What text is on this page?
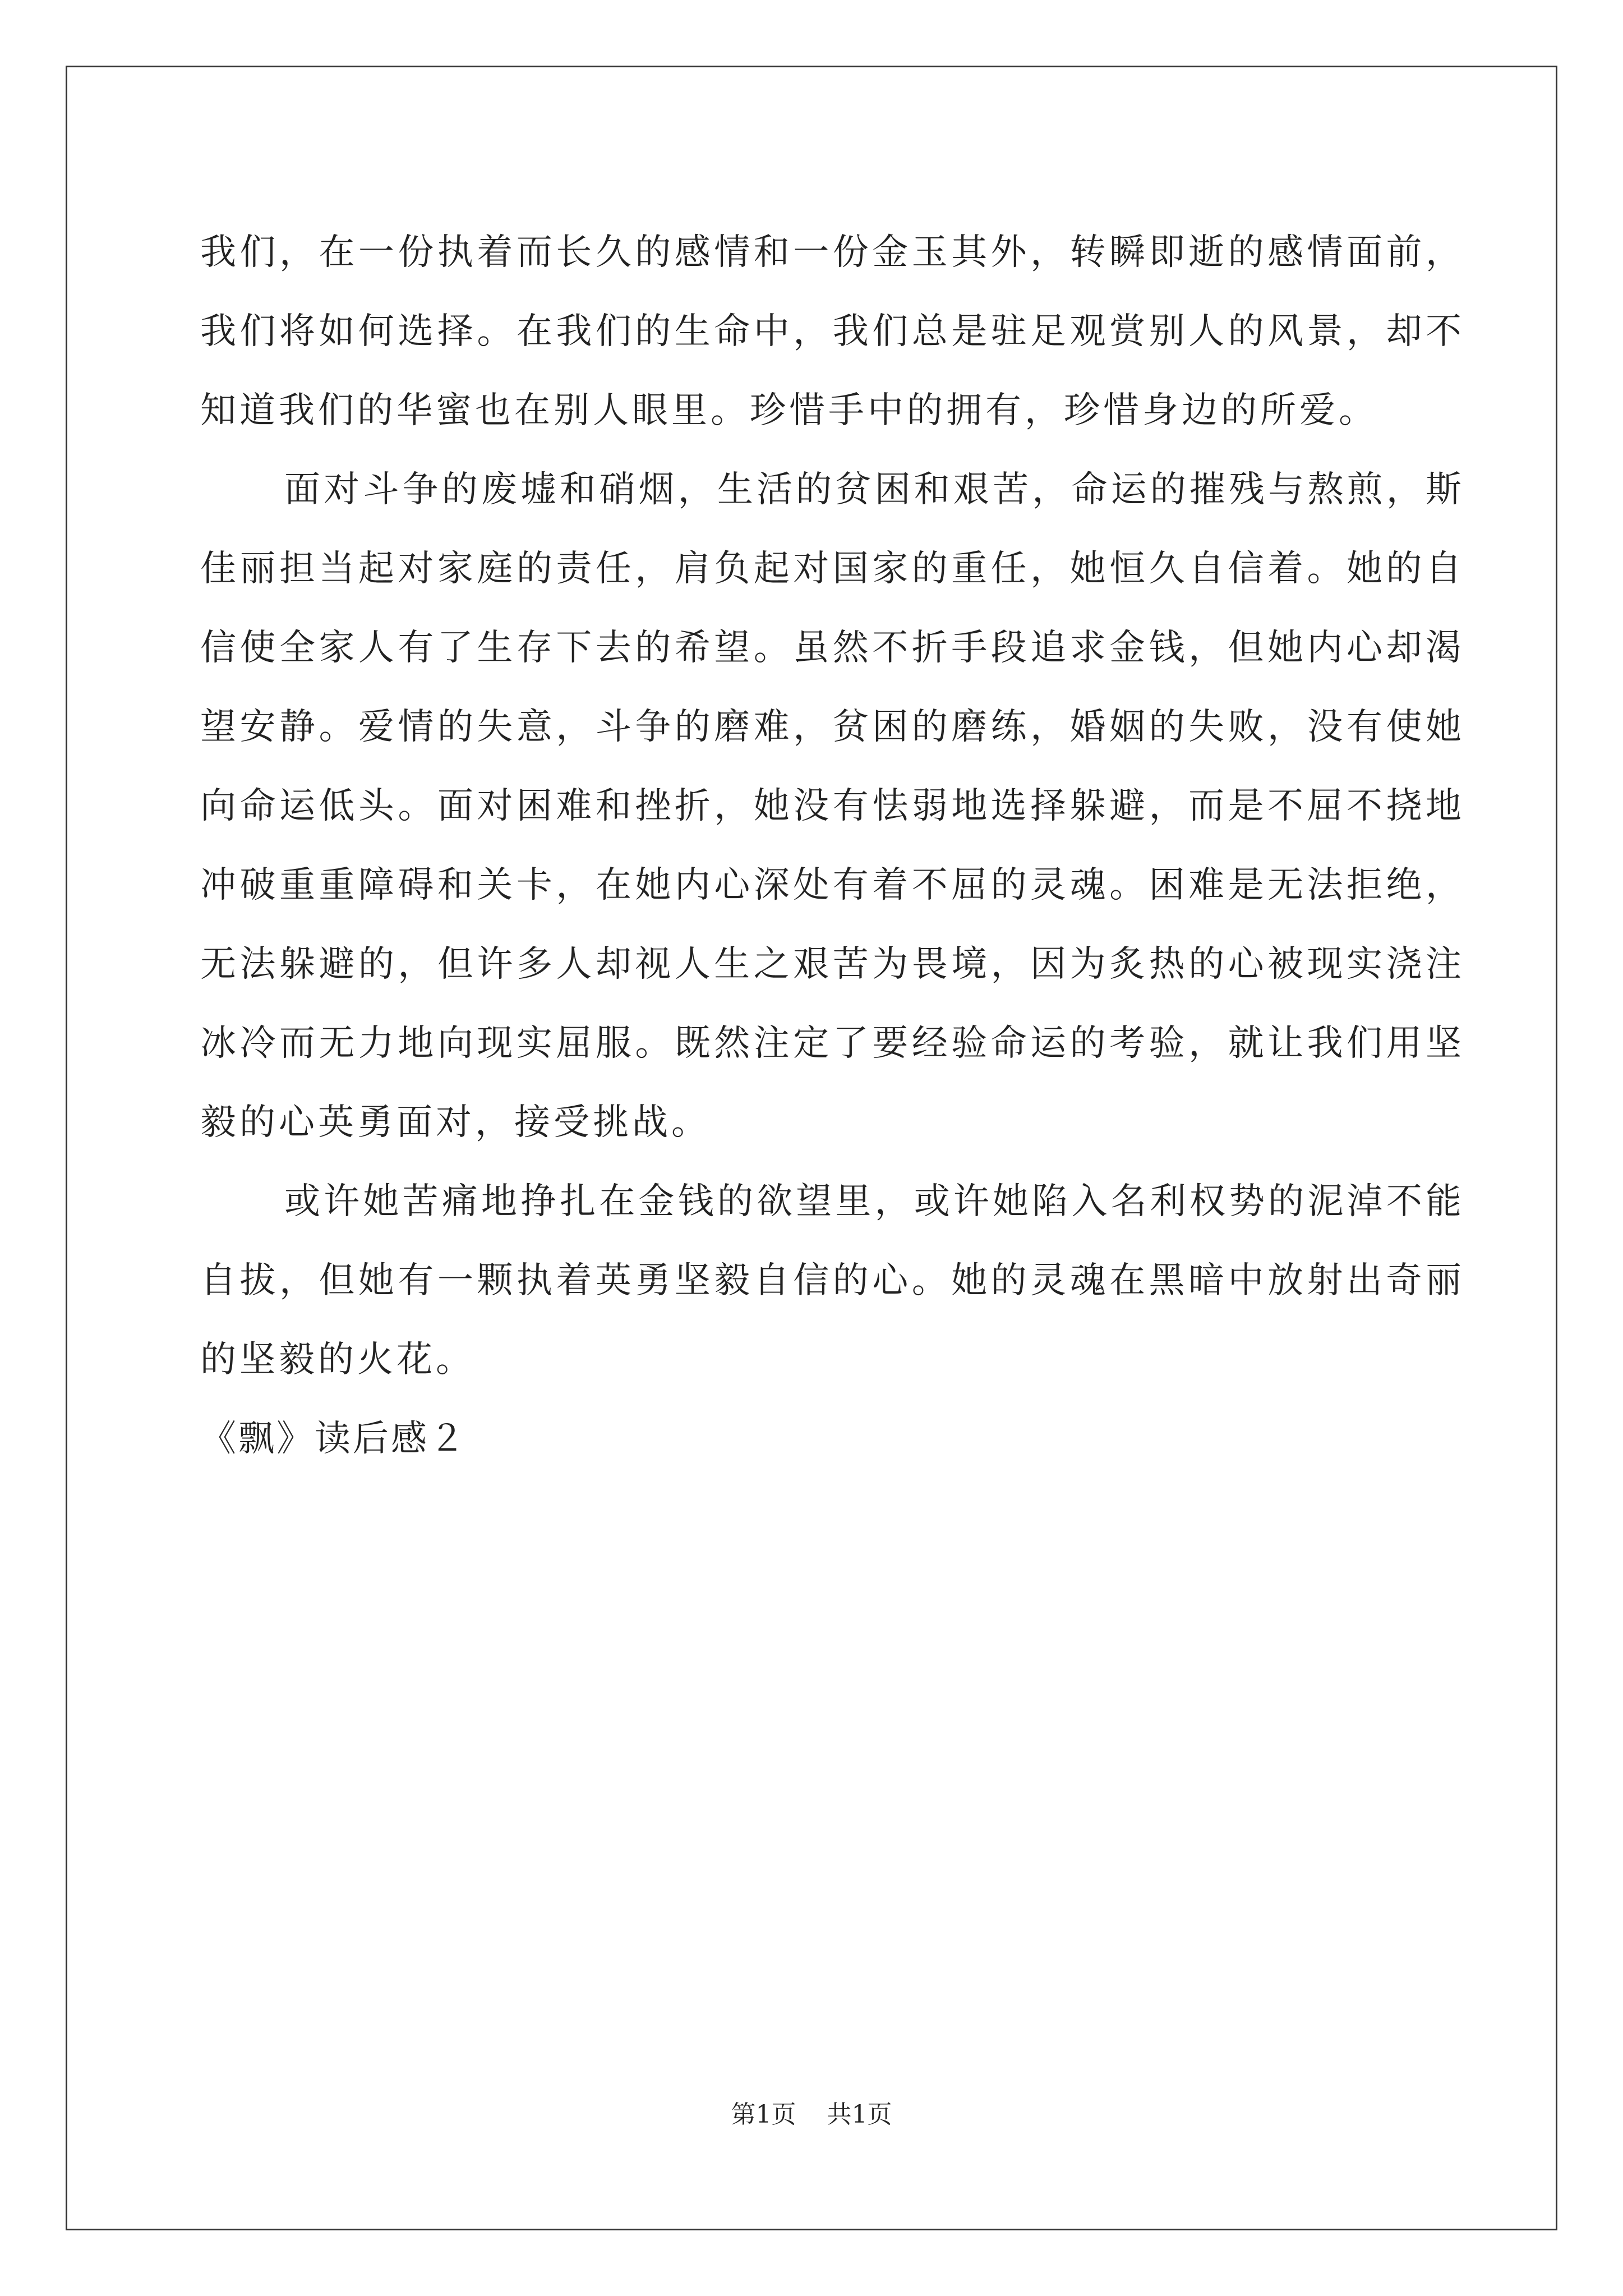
我们，在一份执着而长久的感情和一份金玉其外，转瞬即逝的感情面前，我们将如何选择。在我们的生命中，我们总是驻足观赏别人的风景，却不知道我们的华蜜也在别人眼里。珍惜手中的拥有，珍惜身边的所爱。

面对斗争的废墟和硝烟，生活的贫困和艰苦，命运的摧残与熬煎，斯佳丽担当起对家庭的责任，肩负起对国家的重任，她恒久自信着。她的自信使全家人有了生存下去的希望。虽然不折手段追求金钱，但她内心却渴望安静。爱情的失意，斗争的磨难，贫困的磨练，婚姻的失败，没有使她向命运低头。面对困难和挫折，她没有怯弱地选择躲避，而是不屈不挠地冲破重重障碍和关卡，在她内心深处有着不屈的灵魂。困难是无法拒绝，无法躲避的，但许多人却视人生之艰苦为畏境，因为炙热的心被现实浇注冰冷而无力地向现实屈服。既然注定了要经验命运的考验，就让我们用坚毅的心英勇面对，接受挑战。

或许她苦痛地挣扎在金钱的欲望里，或许她陷入名利权势的泥淖不能自拔，但她有一颗执着英勇坚毅自信的心。她的灵魂在黑暗中放射出奇丽的坚毅的火花。

《飘》读后感２

第1页 共1页
